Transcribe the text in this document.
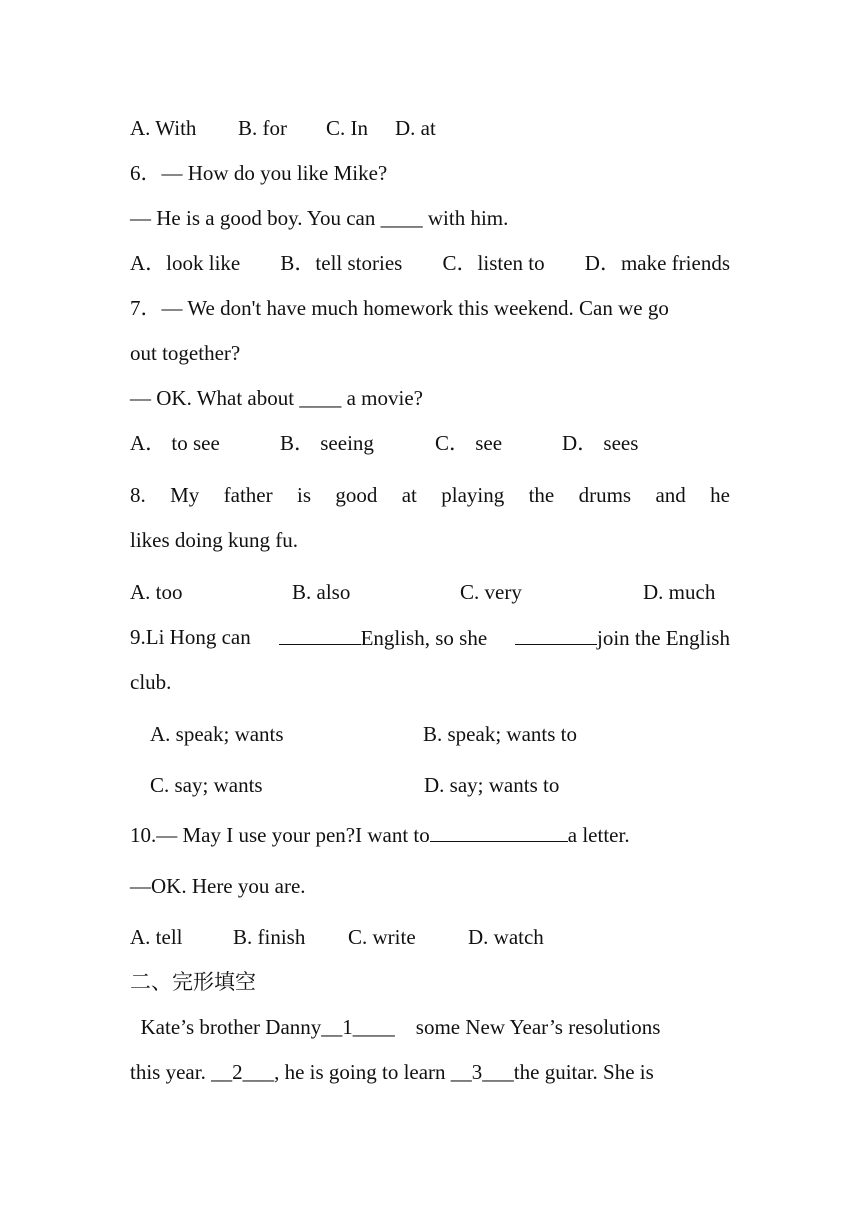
A. With B. for C. In D. at
6．— How do you like Mike?
— He is a good boy. You can ____ with him.
A．look like B．tell stories C．listen to D．make friends
7．— We don't have much homework this weekend. Can we go
out together?
— OK. What about ____ a movie?
A． to see	B． seeing	C． see	D． sees
8. My father is good at playing the drums and he
likes doing kung fu.
A. too	B. also	C. very	D. much
9.Li Hong can	English, so she	join the English
club.
A. speak; wants	B. speak; wants to
C. say; wants	D. say; wants to
10.— May I use your pen?I want to	a letter.
—OK. Here you are.
A. tell B. finish C. write D. watch
二、完形填空
Kate’s brother Danny__1____    some New Year’s resolutions
this year. __2___, he is going to learn __3___the guitar. She is
